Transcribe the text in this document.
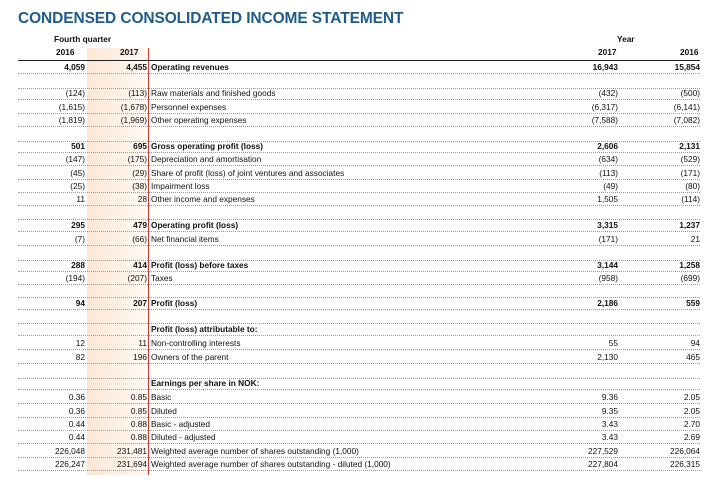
CONDENSED CONSOLIDATED INCOME STATEMENT
Fourth quarter	Year
2016	2017	2017	2016
4,059	4,455 Operating revenues	16,943	15,854
(124)	(113) Raw materials and finished goods	(432)	(500)
(1,615)	(1,678) Personnel expenses	(6,317)	(6,141)
(1,819)	(1,969) Other operating expenses	(7,588)	(7,082)
501	695 Gross operating profit (loss)	2,606	2,131
(147)	(175) Depreciation and amortisation	(634)	(529)
(45)	(29) Share of profit (loss) of joint ventures and associates	(113)	(171)
(25)	(38) Impairment loss	(49)	(80)
11	28 Other income and expenses	1,505	(114)
295	479 Operating profit (loss)	3,315	1,237
(7)	(66) Net financial items	(171)	21
288	414 Profit (loss) before taxes	3,144	1,258
(194)	(207) Taxes	(958)	(699)
94	207 Profit (loss)	2,186	559
Profit (loss) attributable to:
12	11 Non-controlling interests	55	94
82	196 Owners of the parent	2,130	465
Earnings per share in NOK:
0.36	0.85 Basic	9.36	2.05
0.36	0.85 Diluted	9.35	2.05
0.44	0.88 Basic - adjusted	3.43	2.70
0.44	0.88 Diluted - adjusted	3.43	2.69
226,048	231,481 Weighted average number of shares outstanding (1,000)	227,529	226,064
226,247	231,694 Weighted average number of shares outstanding - diluted (1,000)	227,804	226,315
